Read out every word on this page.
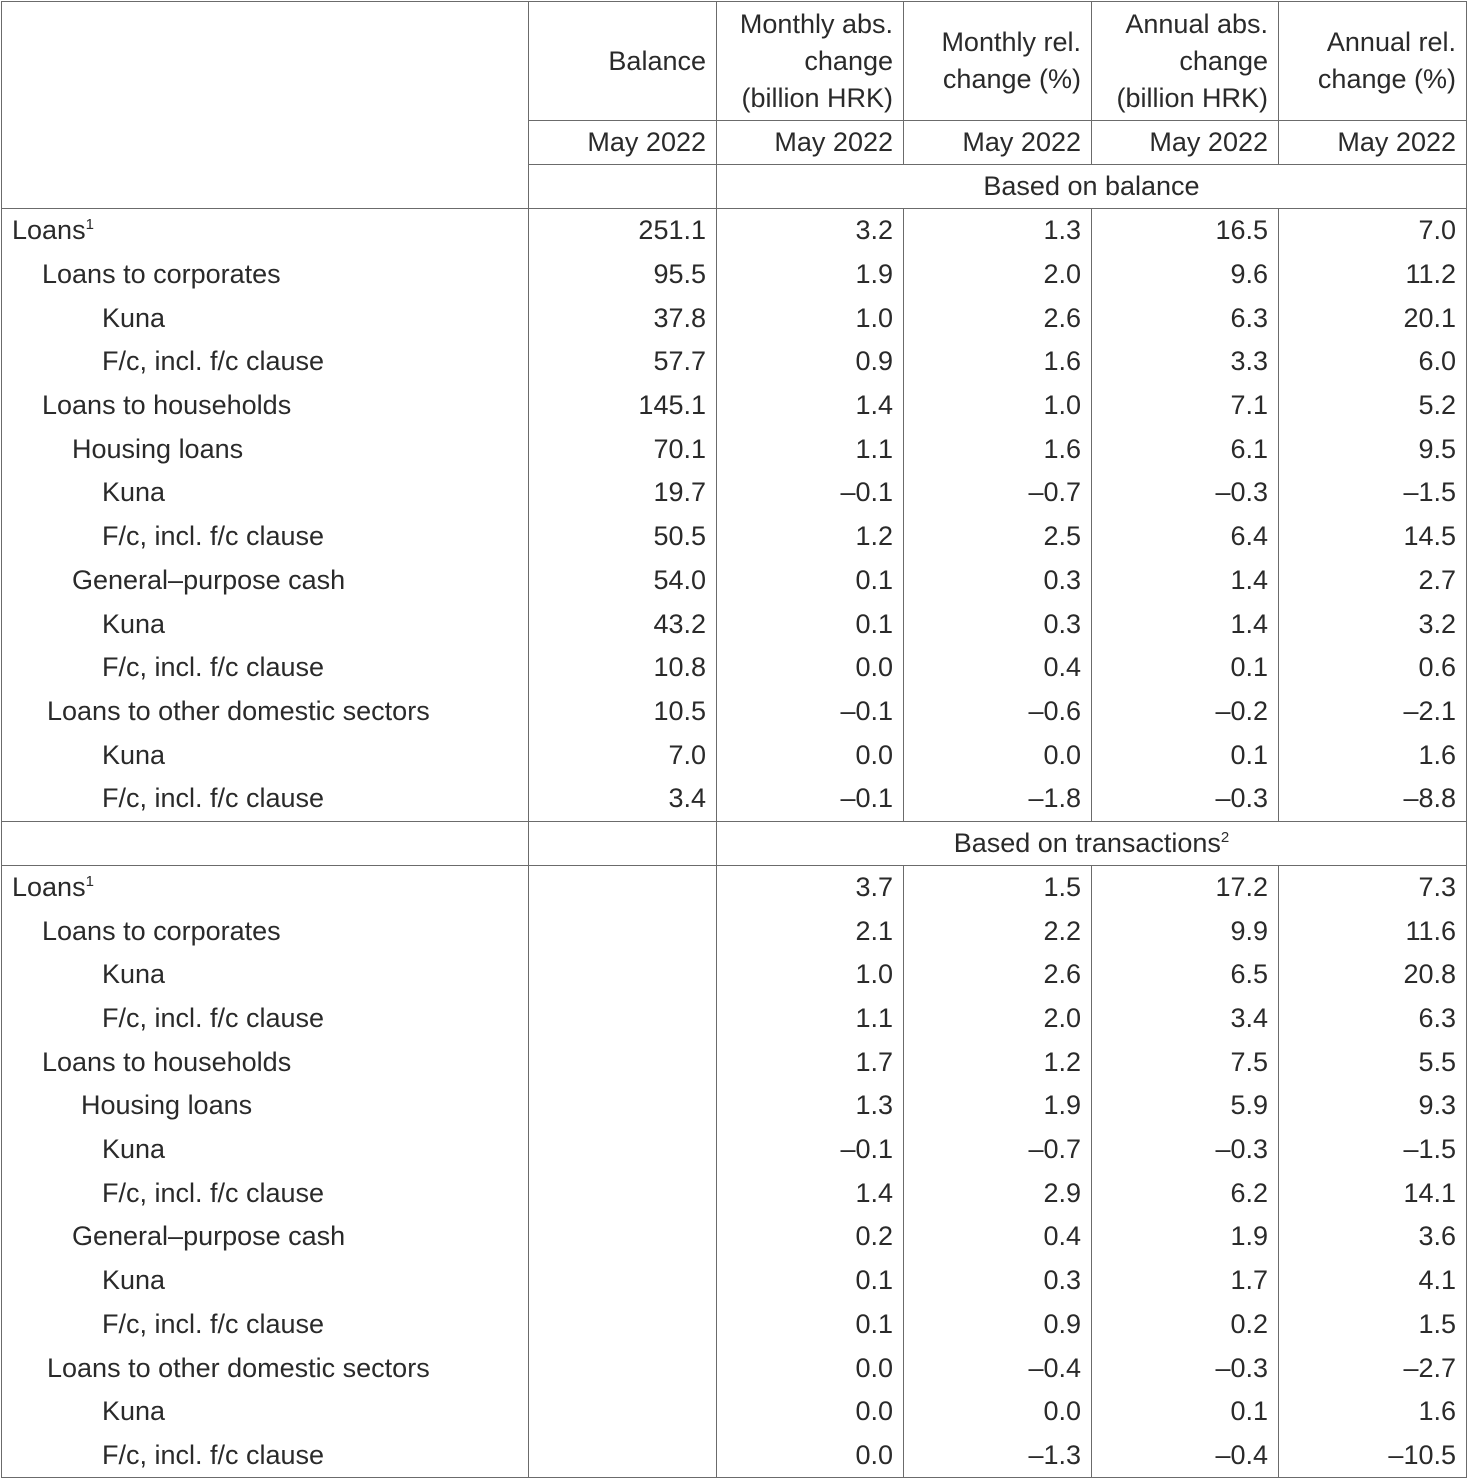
	Balance	Monthly abs. change (billion HRK)	Monthly rel. change (%)	Annual abs. change (billion HRK)	Annual rel. change (%)
	May 2022	May 2022	May 2022	May 2022	May 2022
		Based on balance			
Loans$^1$	251.1	3.2	1.3	16.5	7.0
Loans to corporates	95.5	1.9	2.0	9.6	11.2
Kuna	37.8	1.0	2.6	6.3	20.1
F/c, incl. f/c clause	57.7	0.9	1.6	3.3	6.0
Loans to households	145.1	1.4	1.0	7.1	5.2
Housing loans	70.1	1.1	1.6	6.1	9.5
Kuna	19.7	–0.1	–0.7	–0.3	–1.5
F/c, incl. f/c clause	50.5	1.2	2.5	6.4	14.5
General–purpose cash	54.0	0.1	0.3	1.4	2.7
Kuna	43.2	0.1	0.3	1.4	3.2
F/c, incl. f/c clause	10.8	0.0	0.4	0.1	0.6
Loans to other domestic sectors	10.5	–0.1	–0.6	–0.2	–2.1
Kuna	7.0	0.0	0.0	0.1	1.6
F/c, incl. f/c clause	3.4	–0.1	–1.8	–0.3	–8.8
		Based on transactions$^2$
Loans$^1$		3.7	1.5	17.2	7.3
Loans to corporates		2.1	2.2	9.9	11.6
Kuna		1.0	2.6	6.5	20.8
F/c, incl. f/c clause		1.1	2.0	3.4	6.3
Loans to households		1.7	1.2	7.5	5.5
Housing loans		1.3	1.9	5.9	9.3
Kuna		–0.1	–0.7	–0.3	–1.5
F/c, incl. f/c clause		1.4	2.9	6.2	14.1
General–purpose cash		0.2	0.4	1.9	3.6
Kuna		0.1	0.3	1.7	4.1
F/c, incl. f/c clause		0.1	0.9	0.2	1.5
Loans to other domestic sectors		0.0	–0.4	–0.3	–2.7
Kuna		0.0	0.0	0.1	1.6
F/c, incl. f/c clause		0.0	–1.3	–0.4	–10.5
